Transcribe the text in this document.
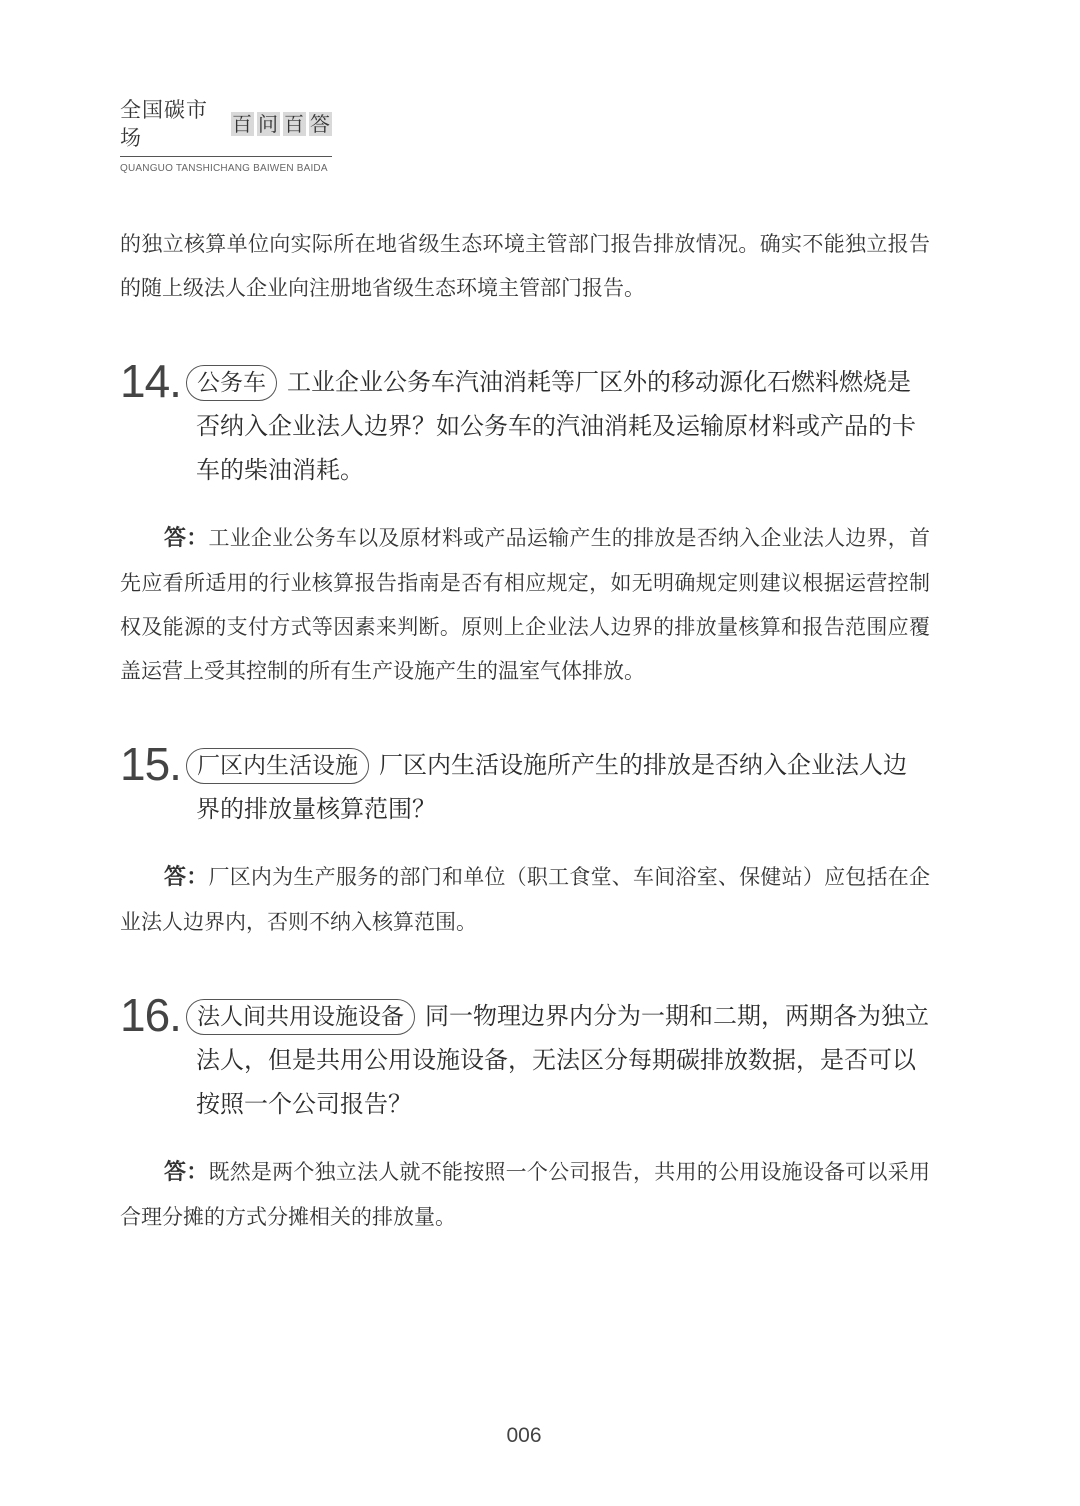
全国碳市场
百 问 百 答
QUANGUO TANSHICHANG BAIWEN BAIDA

的独立核算单位向实际所在地省级生态环境主管部门报告排放情况。确实不能独立报告的随上级法人企业向注册地省级生态环境主管部门报告。

14. 公务车 工业企业公务车汽油消耗等厂区外的移动源化石燃料燃烧是否纳入企业法人边界？如公务车的汽油消耗及运输原材料或产品的卡车的柴油消耗。

答：工业企业公务车以及原材料或产品运输产生的排放是否纳入企业法人边界，首先应看所适用的行业核算报告指南是否有相应规定，如无明确规定则建议根据运营控制权及能源的支付方式等因素来判断。原则上企业法人边界的排放量核算和报告范围应覆盖运营上受其控制的所有生产设施产生的温室气体排放。

15. 厂区内生活设施 厂区内生活设施所产生的排放是否纳入企业法人边界的排放量核算范围？

答：厂区内为生产服务的部门和单位（职工食堂、车间浴室、保健站）应包括在企业法人边界内，否则不纳入核算范围。

16. 法人间共用设施设备 同一物理边界内分为一期和二期，两期各为独立法人，但是共用公用设施设备，无法区分每期碳排放数据，是否可以按照一个公司报告？

答：既然是两个独立法人就不能按照一个公司报告，共用的公用设施设备可以采用合理分摊的方式分摊相关的排放量。

006
